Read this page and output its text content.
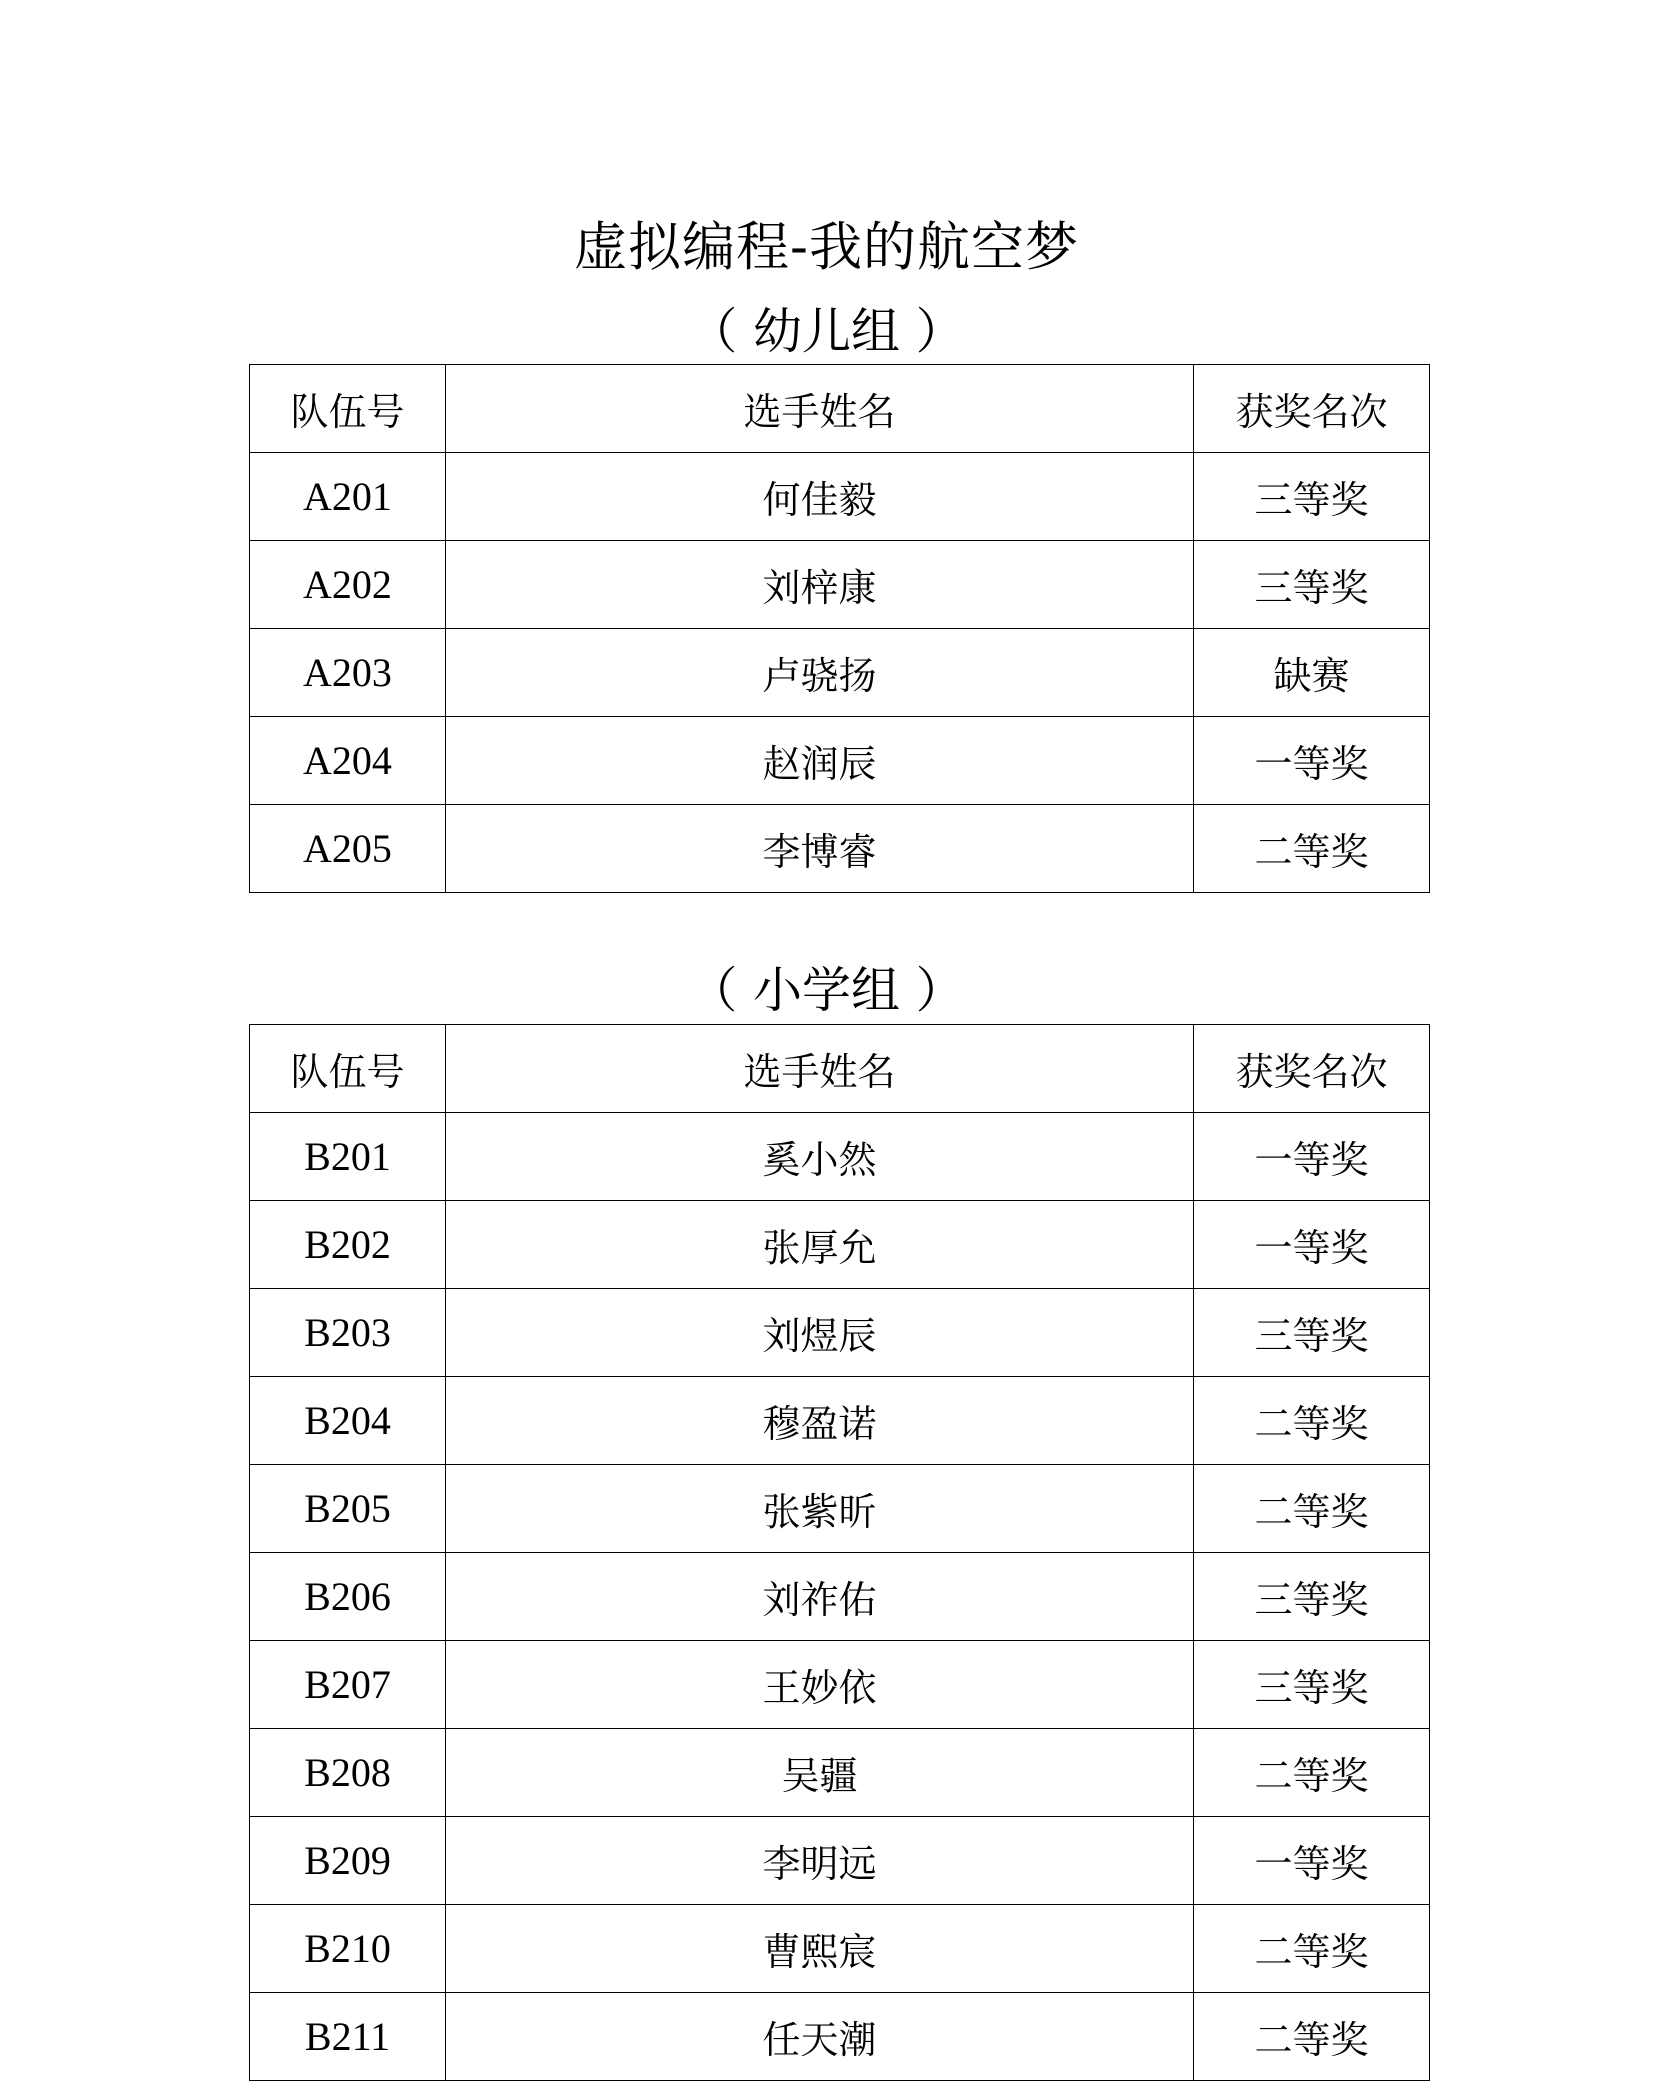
虚拟编程-我的航空梦
（ 幼儿组 ）
队伍号	选手姓名	获奖名次
A201	何佳毅	三等奖
A202	刘梓康	三等奖
A203	卢骁扬	缺赛
A204	赵润辰	一等奖
A205	李博睿	二等奖
（ 小学组 ）
队伍号	选手姓名	获奖名次
B201	奚小然	一等奖
B202	张厚允	一等奖
B203	刘煜辰	三等奖
B204	穆盈诺	二等奖
B205	张紫昕	二等奖
B206	刘祚佑	三等奖
B207	王妙依	三等奖
B208	吴疆	二等奖
B209	李明远	一等奖
B210	曹熙宸	二等奖
B211	任天潮	二等奖
